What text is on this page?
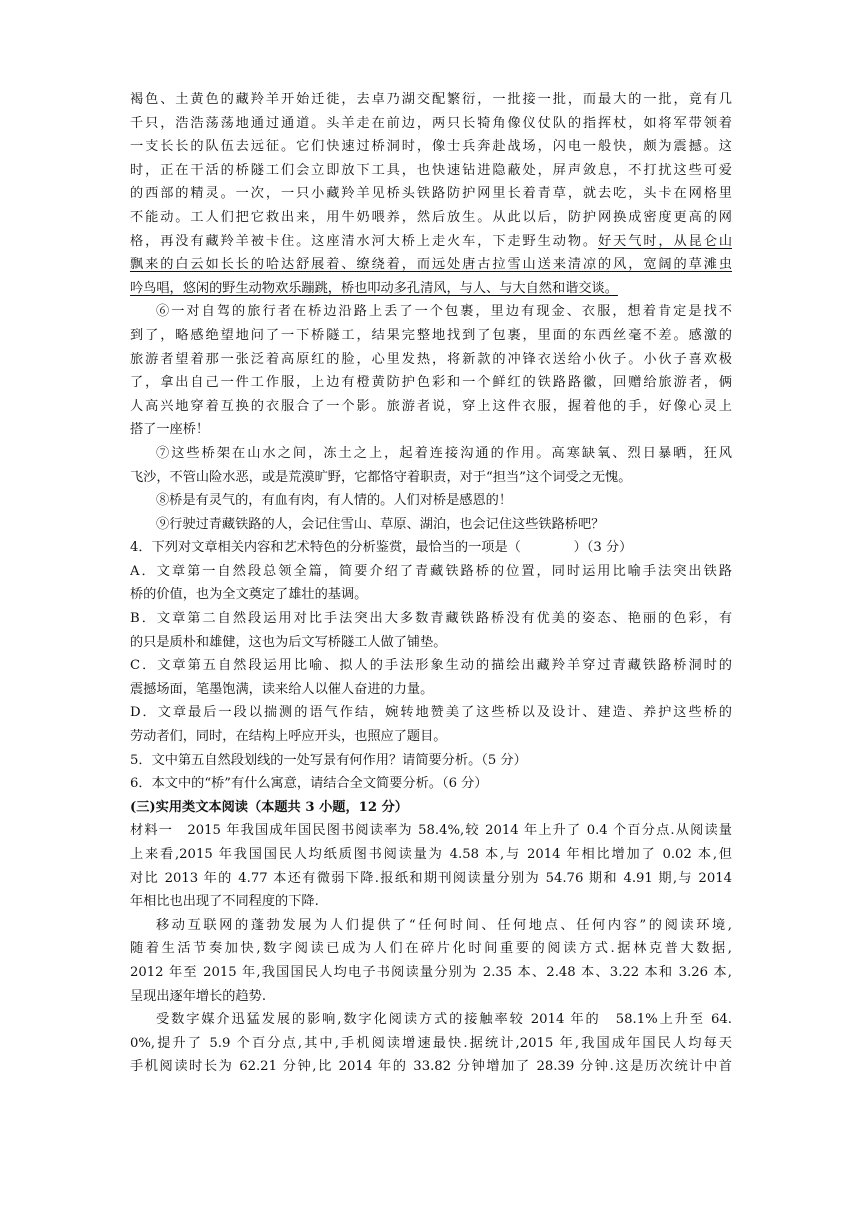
褐色、土黄色的藏羚羊开始迁徙，去卓乃湖交配繁衍，一批接一批，而最大的一批，竟有几
千只，浩浩荡荡地通过通道。头羊走在前边，两只长犄角像仪仗队的指挥杖，如将军带领着
一支长长的队伍去远征。它们快速过桥洞时，像士兵奔赴战场，闪电一般快，颇为震撼。这
时，正在干活的桥隧工们会立即放下工具，也快速钻进隐蔽处，屏声敛息，不打扰这些可爱
的西部的精灵。一次，一只小藏羚羊见桥头铁路防护网里长着青草，就去吃，头卡在网格里
不能动。工人们把它救出来，用牛奶喂养，然后放生。从此以后，防护网换成密度更高的网
格，再没有藏羚羊被卡住。这座清水河大桥上走火车，下走野生动物。好天气时，从昆仑山
飘来的白云如长长的哈达舒展着、缭绕着，而远处唐古拉雪山送来清凉的风，宽阔的草滩虫
吟鸟唱，悠闲的野生动物欢乐蹦跳，桥也叩动多孔清风，与人、与大自然和谐交谈。
⑥一对自驾的旅行者在桥边沿路上丢了一个包裹，里边有现金、衣服，想着肯定是找不
到了，略感绝望地问了一下桥隧工，结果完整地找到了包裹，里面的东西丝毫不差。感激的
旅游者望着那一张泛着高原红的脸，心里发热，将新款的冲锋衣送给小伙子。小伙子喜欢极
了，拿出自己一件工作服，上边有橙黄防护色彩和一个鲜红的铁路路徽，回赠给旅游者，俩
人高兴地穿着互换的衣服合了一个影。旅游者说，穿上这件衣服，握着他的手，好像心灵上
搭了一座桥！
⑦这些桥架在山水之间，冻土之上，起着连接沟通的作用。高寒缺氧、烈日暴晒，狂风
飞沙，不管山险水恶，或是荒漠旷野，它都恪守着职责，对于“担当”这个词受之无愧。
⑧桥是有灵气的，有血有肉，有人情的。人们对桥是感恩的！
⑨行驶过青藏铁路的人，会记住雪山、草原、湖泊，也会记住这些铁路桥吧？
4．下列对文章相关内容和艺术特色的分析鉴赏，最恰当的一项是（　　　　）（3 分）
A．文章第一自然段总领全篇，简要介绍了青藏铁路桥的位置，同时运用比喻手法突出铁路
桥的价值，也为全文奠定了雄壮的基调。
B．文章第二自然段运用对比手法突出大多数青藏铁路桥没有优美的姿态、艳丽的色彩，有
的只是质朴和雄健，这也为后文写桥隧工人做了铺垫。
C．文章第五自然段运用比喻、拟人的手法形象生动的描绘出藏羚羊穿过青藏铁路桥洞时的
震撼场面，笔墨饱满，读来给人以催人奋进的力量。
D．文章最后一段以揣测的语气作结，婉转地赞美了这些桥以及设计、建造、养护这些桥的
劳动者们，同时，在结构上呼应开头，也照应了题目。
5．文中第五自然段划线的一处写景有何作用？请简要分析。（5 分）
6．本文中的“桥”有什么寓意，请结合全文简要分析。（6 分）
(三)实用类文本阅读（本题共 3 小题，12 分）
材料一　2015 年我国成年国民图书阅读率为 58.4%,较 2014 年上升了 0.4 个百分点.从阅读量
上来看,2015 年我国国民人均纸质图书阅读量为 4.58 本,与 2014 年相比增加了 0.02 本,但
对比 2013 年的 4.77 本还有微弱下降.报纸和期刊阅读量分别为 54.76 期和 4.91 期,与 2014
年相比也出现了不同程度的下降.
移动互联网的蓬勃发展为人们提供了“任何时间、任何地点、任何内容”的阅读环境,
随着生活节奏加快,数字阅读已成为人们在碎片化时间重要的阅读方式.据林克普大数据,
2012 年至 2015 年,我国国民人均电子书阅读量分别为 2.35 本、2.48 本、3.22 本和 3.26 本,
呈现出逐年增长的趋势.
受数字媒介迅猛发展的影响,数字化阅读方式的接触率较 2014 年的　58.1%上升至 64.
0%,提升了 5.9 个百分点,其中,手机阅读增速最快.据统计,2015 年,我国成年国民人均每天
手机阅读时长为 62.21 分钟,比 2014 年的 33.82 分钟增加了 28.39 分钟.这是历次统计中首
